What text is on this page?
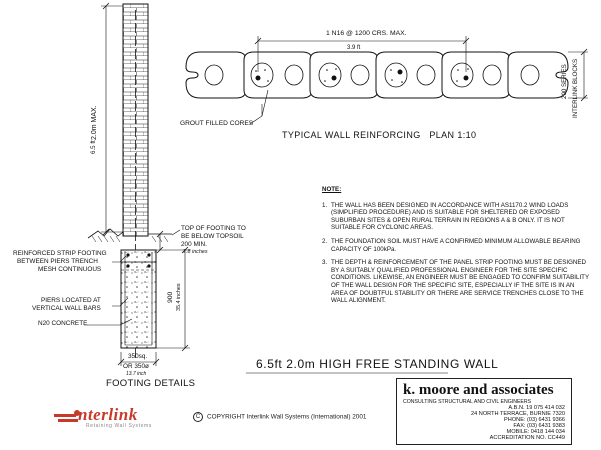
1 N16 @ 1200 CRS. MAX.
3.9 ft
200 SERIES INTERLINK BLOCKS
GROUT FILLED CORES
TYPICAL WALL REINFORCING   PLAN 1:10
6.5 ft
2.0m MAX.
TOP OF FOOTING TO
BE BELOW TOPSOIL
200 MIN.
7.8 inches
REINFORCED STRIP FOOTING
BETWEEN PIERS TRENCH
MESH CONTINUOUS
PIERS LOCATED AT
VERTICAL WALL BARS
N20 CONCRETE
900 35.4 inches
350sq.
OR 350ø
13.7 inch
FOOTING DETAILS
NOTE:
1. THE WALL HAS BEEN DESIGNED IN ACCORDANCE WITH AS1170.2 WIND LOADS (SIMPLIFIED PROCEDURE) AND IS SUITABLE FOR SHELTERED OR EXPOSED SUBURBAN SITES & OPEN RURAL TERRAIN IN REGIONS A & B ONLY. IT IS NOT SUITABLE FOR CYCLONIC AREAS.
2. THE FOUNDATION SOIL MUST HAVE A CONFIRMED MINIMUM ALLOWABLE BEARING CAPACITY OF 100kPa.
3. THE DEPTH & REINFORCEMENT OF THE PANEL STRIP FOOTING MUST BE DESIGNED BY A SUITABLY QUALIFIED PROFESSIONAL ENGINEER FOR THE SITE SPECIFIC CONDITIONS. LIKEWISE, AN ENGINEER MUST BE ENGAGED TO CONFIRM SUITABILITY OF THE WALL DESIGN FOR THE SPECIFIC SITE, ESPECIALLY IF THE SITE IS IN AN AREA OF DOUBTFUL STABILITY OR THERE ARE SERVICE TRENCHES CLOSE TO THE WALL ALIGNMENT.
6.5ft 2.0m HIGH FREE STANDING WALL
k. moore and associates
CONSULTING STRUCTURAL AND CIVIL ENGINEERS
A.B.N. 19 075 414 032
24 NORTH TERRACE, BURNIE 7320
PHONE: (03) 6431 9366
FAX: (03) 6431 9383
MOBILE: 0418 144 034
ACCREDITATION NO. CC449
nterlink
Retaining Wall Systems
C COPYRIGHT Interlink Wall Systems (International) 2001
